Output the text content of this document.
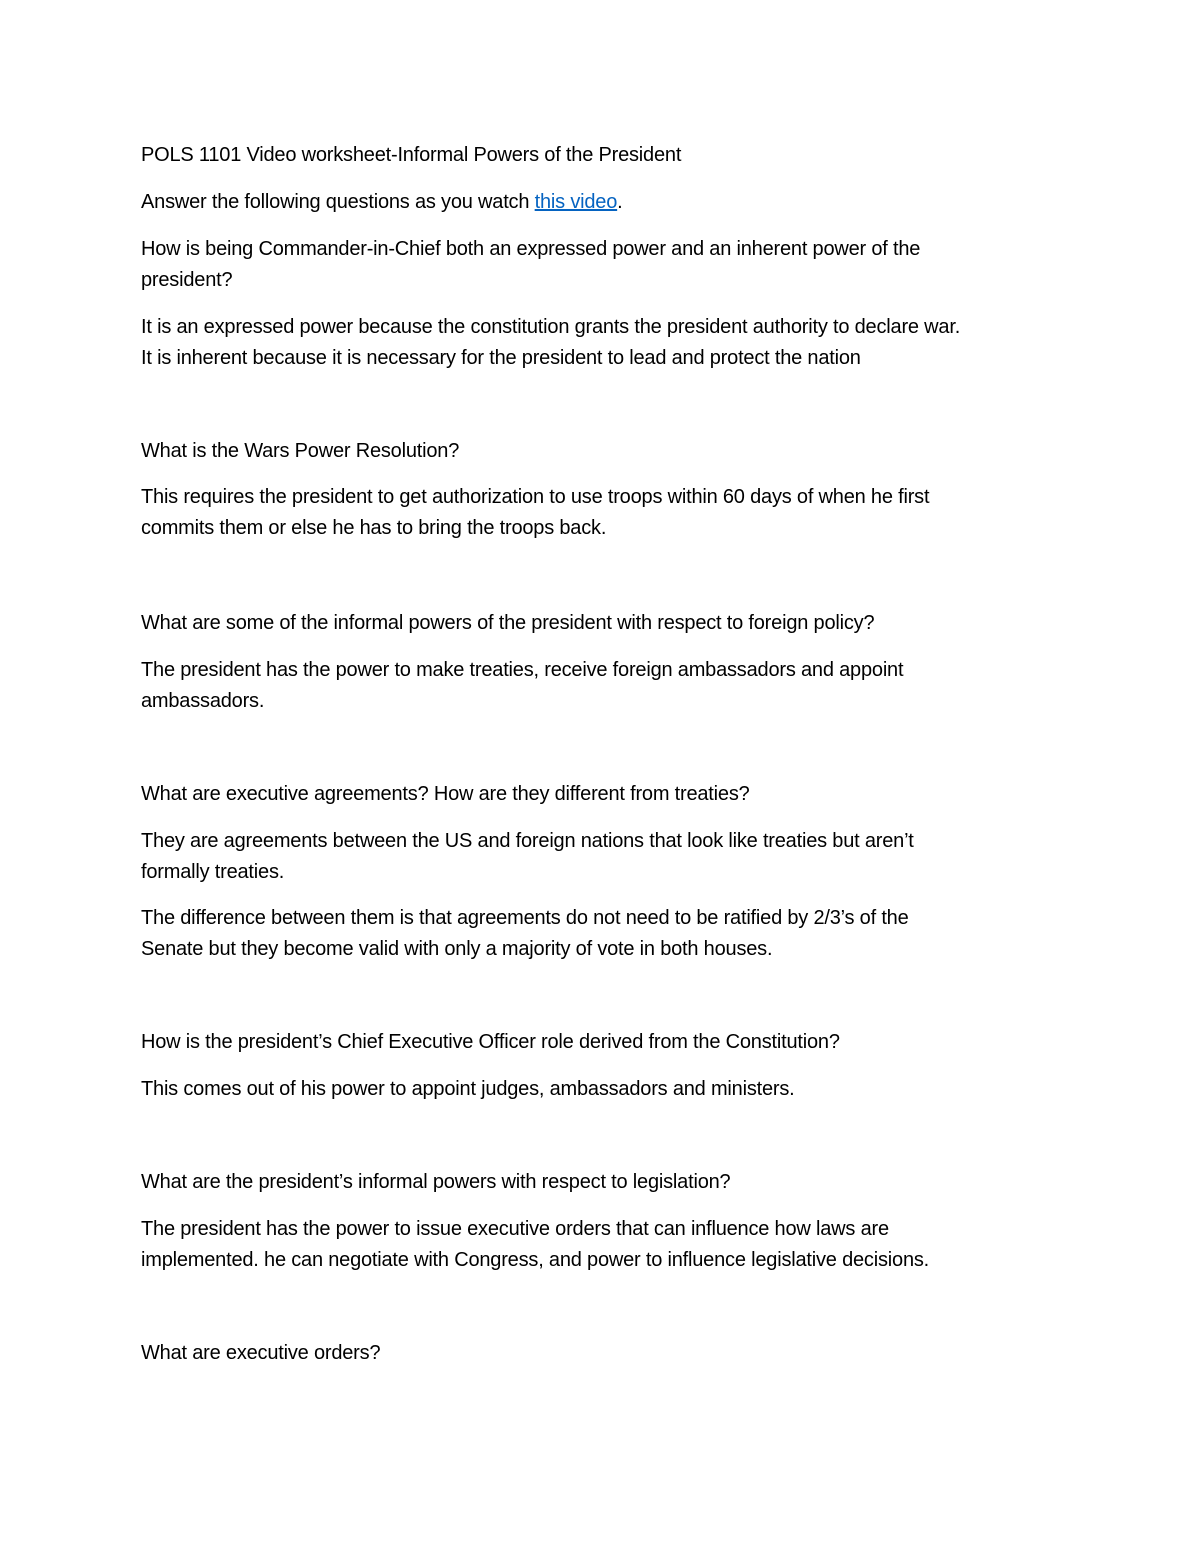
POLS 1101 Video worksheet-Informal Powers of the President
Answer the following questions as you watch this video.
How is being Commander-in-Chief both an expressed power and an inherent power of the
president?
It is an expressed power because the constitution grants the president authority to declare war.
It is inherent because it is necessary for the president to lead and protect the nation
What is the Wars Power Resolution?
This requires the president to get authorization to use troops within 60 days of when he first
commits them or else he has to bring the troops back.
What are some of the informal powers of the president with respect to foreign policy?
The president has the power to make treaties, receive foreign ambassadors and appoint
ambassadors.
What are executive agreements? How are they different from treaties?
They are agreements between the US and foreign nations that look like treaties but aren’t
formally treaties.
The difference between them is that agreements do not need to be ratified by 2/3’s of the
Senate but they become valid with only a majority of vote in both houses.
How is the president’s Chief Executive Officer role derived from the Constitution?
This comes out of his power to appoint judges, ambassadors and ministers.
What are the president’s informal powers with respect to legislation?
The president has the power to issue executive orders that can influence how laws are
implemented. he can negotiate with Congress, and power to influence legislative decisions.
What are executive orders?
